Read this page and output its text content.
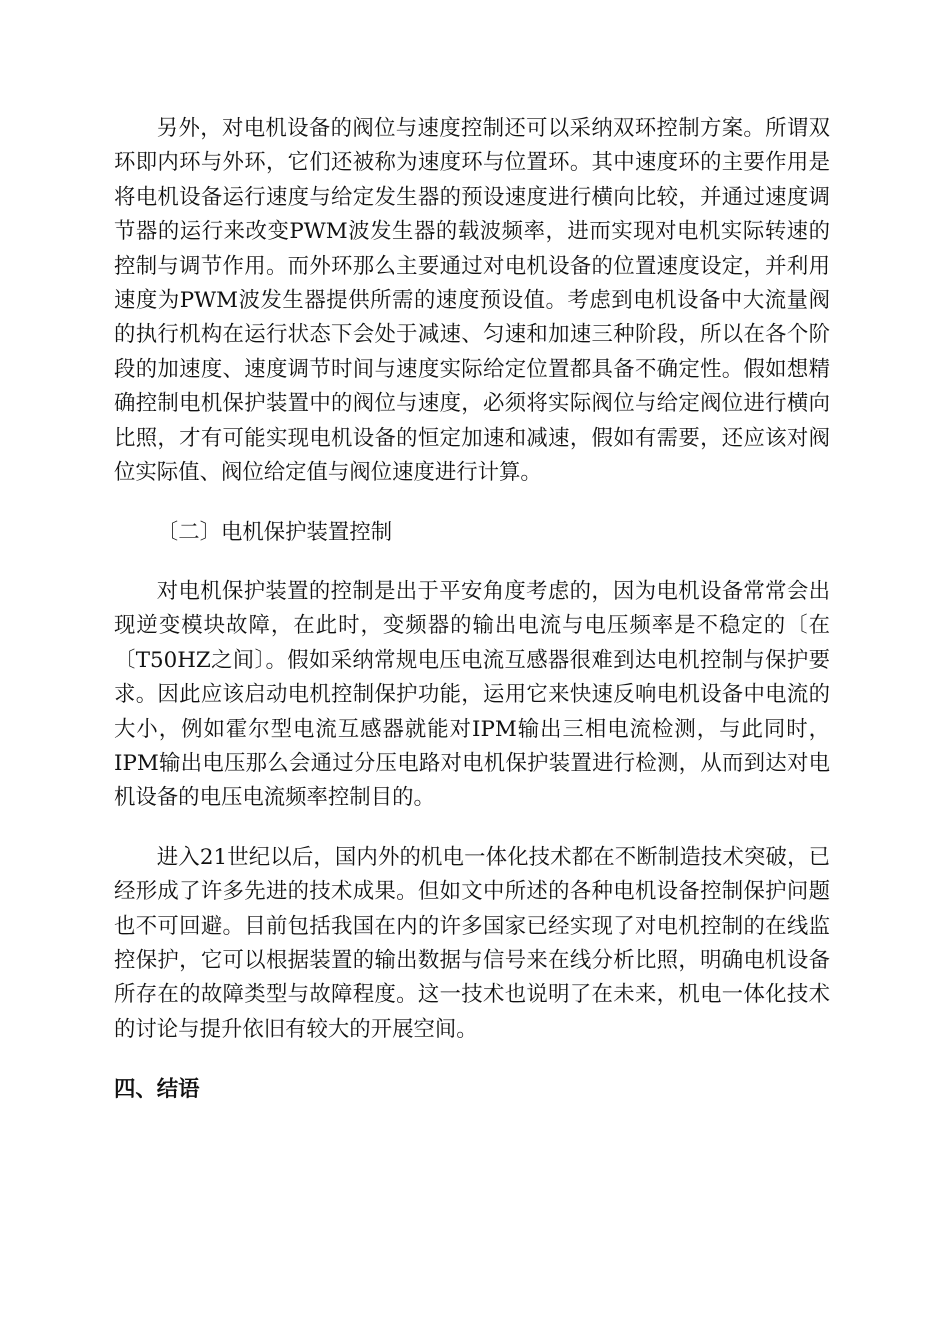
另外，对电机设备的阀位与速度控制还可以采纳双环控制方案。所谓双环即内环与外环，它们还被称为速度环与位置环。其中速度环的主要作用是将电机设备运行速度与给定发生器的预设速度进行横向比较，并通过速度调节器的运行来改变PWM波发生器的载波频率，进而实现对电机实际转速的控制与调节作用。而外环那么主要通过对电机设备的位置速度设定，并利用速度为PWM波发生器提供所需的速度预设值。考虑到电机设备中大流量阀的执行机构在运行状态下会处于减速、匀速和加速三种阶段，所以在各个阶段的加速度、速度调节时间与速度实际给定位置都具备不确定性。假如想精确控制电机保护装置中的阀位与速度，必须将实际阀位与给定阀位进行横向比照，才有可能实现电机设备的恒定加速和减速，假如有需要，还应该对阀位实际值、阀位给定值与阀位速度进行计算。

〔二〕电机保护装置控制

对电机保护装置的控制是出于平安角度考虑的，因为电机设备常常会出现逆变模块故障，在此时，变频器的输出电流与电压频率是不稳定的〔在〔T50HZ之间〕。假如采纳常规电压电流互感器很难到达电机控制与保护要求。因此应该启动电机控制保护功能，运用它来快速反响电机设备中电流的大小，例如霍尔型电流互感器就能对IPM输出三相电流检测，与此同时，IPM输出电压那么会通过分压电路对电机保护装置进行检测，从而到达对电机设备的电压电流频率控制目的。

进入21世纪以后，国内外的机电一体化技术都在不断制造技术突破，已经形成了许多先进的技术成果。但如文中所述的各种电机设备控制保护问题也不可回避。目前包括我国在内的许多国家已经实现了对电机控制的在线监控保护，它可以根据装置的输出数据与信号来在线分析比照，明确电机设备所存在的故障类型与故障程度。这一技术也说明了在未来，机电一体化技术的讨论与提升依旧有较大的开展空间。

四、结语
